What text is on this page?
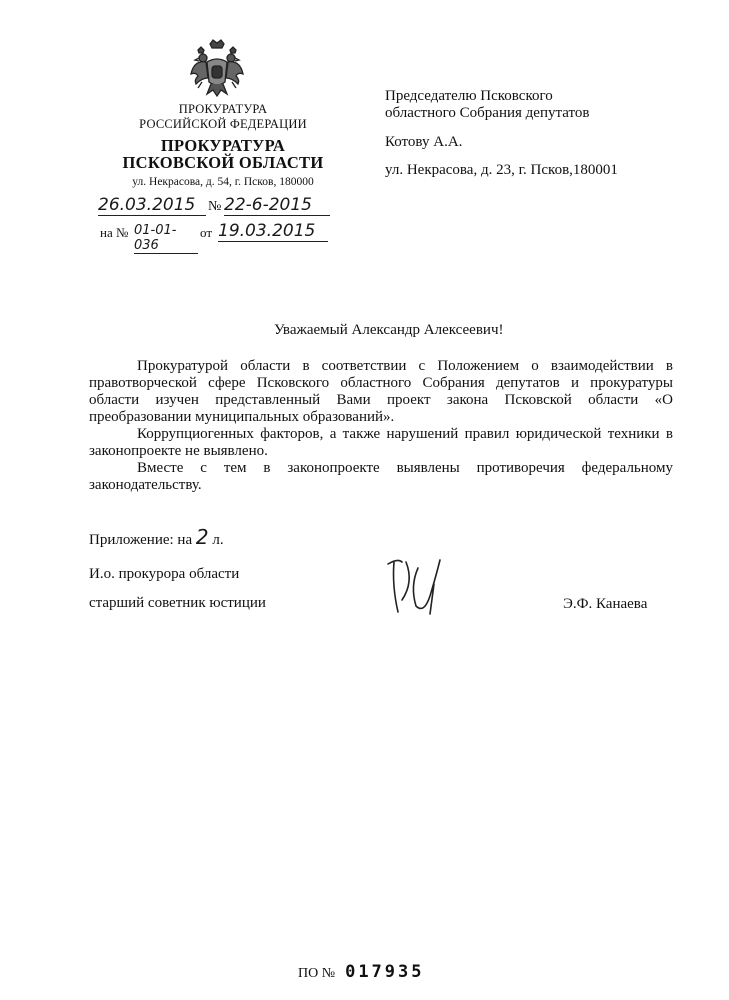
ПРОКУРАТУРА
РОССИЙСКОЙ ФЕДЕРАЦИИ
ПРОКУРАТУРА
ПСКОВСКОЙ ОБЛАСТИ
ул. Некрасова, д. 54, г. Псков, 180000
26.03.2015 № 22-6-2015
на № 01-01-036
от 19.03.2015
Председателю Псковского
областного Собрания депутатов
Котову А.А.
ул. Некрасова, д. 23, г. Псков,180001
Уважаемый Александр Алексеевич!

Прокуратурой области в соответствии с Положением о взаимодействии в правотворческой сфере Псковского областного Собрания депутатов и прокуратуры области изучен представленный Вами проект закона Псковской области «О преобразовании муниципальных образований».

Коррупциогенных факторов, а также нарушений правил юридической техники в законопроекте не выявлено.

Вместе с тем в законопроекте выявлены противоречия федеральному законодательству.

Приложение: на 2 л.
И.о. прокурора области
старший советник юстиции	Э.Ф. Канаева
ПО № 017935
